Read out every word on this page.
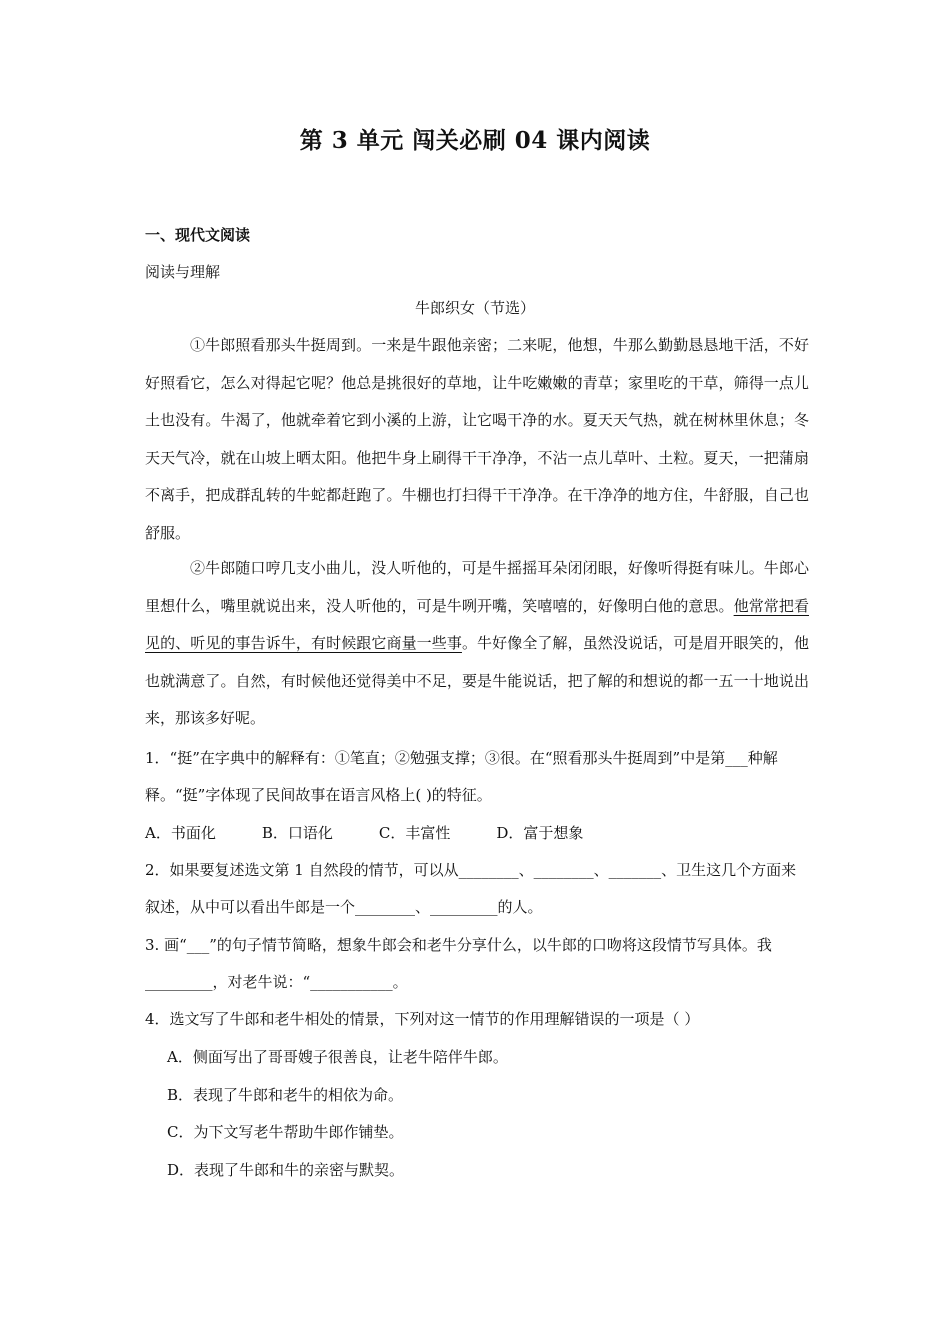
第 3 单元 闯关必刷 04 课内阅读
一、现代文阅读
阅读与理解
牛郎织女（节选）

①牛郎照看那头牛挺周到。一来是牛跟他亲密；二来呢，他想，牛那么勤勤恳恳地干活，不好好照看它，怎么对得起它呢？他总是挑很好的草地，让牛吃嫩嫩的青草；家里吃的干草，筛得一点儿土也没有。牛渴了，他就牵着它到小溪的上游，让它喝干净的水。夏天天气热，就在树林里休息；冬天天气冷，就在山坡上晒太阳。他把牛身上刷得干干净净，不沾一点儿草叶、土粒。夏天，一把蒲扇不离手，把成群乱转的牛蛇都赶跑了。牛棚也打扫得干干净净。在干净净的地方住，牛舒服，自己也舒服。

②牛郎随口哼几支小曲儿，没人听他的，可是牛摇摇耳朵闭闭眼，好像听得挺有味儿。牛郎心里想什么，嘴里就说出来，没人听他的，可是牛咧开嘴，笑嘻嘻的，好像明白他的意思。他常常把看见的、听见的事告诉牛，有时候跟它商量一些事。牛好像全了解，虽然没说话，可是眉开眼笑的，他也就满意了。自然，有时候他还觉得美中不足，要是牛能说话，把了解的和想说的都一五一十地说出来，那该多好呢。

1．“挺”在字典中的解释有：①笔直；②勉强支撑；③很。在“照看那头牛挺周到”中是第___种解释。“挺”字体现了民间故事在语言风格上( )的特征。

A．书面化	B．口语化	C．丰富性	D．富于想象

2．如果要复述选文第 1 自然段的情节，可以从________、________、_______、卫生这几个方面来叙述，从中可以看出牛郎是一个________、_________的人。

3. 画“___”的句子情节简略，想象牛郎会和老牛分享什么，以牛郎的口吻将这段情节写具体。我_________，对老牛说：“___________。

4．选文写了牛郎和老牛相处的情景，下列对这一情节的作用理解错误的一项是（ ）

A．侧面写出了哥哥嫂子很善良，让老牛陪伴牛郎。
B．表现了牛郎和老牛的相依为命。
C．为下文写老牛帮助牛郎作铺垫。
D．表现了牛郎和牛的亲密与默契。
